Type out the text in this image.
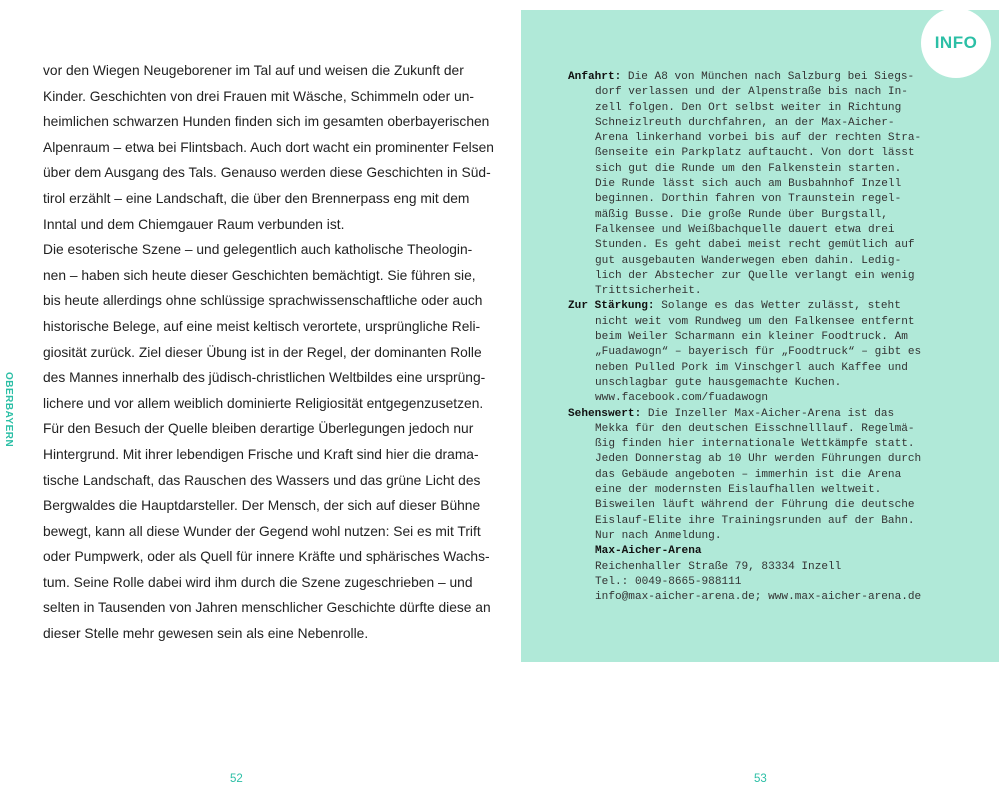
OBERBAYERN

vor den Wiegen Neugeborener im Tal auf und weisen die Zukunft der
Kinder. Geschichten von drei Frauen mit Wäsche, Schimmeln oder un-
heimlichen schwarzen Hunden finden sich im gesamten oberbayerischen
Alpenraum – etwa bei Flintsbach. Auch dort wacht ein prominenter Felsen
über dem Ausgang des Tals. Genauso werden diese Geschichten in Süd-
tirol erzählt – eine Landschaft, die über den Brennerpass eng mit dem
Inntal und dem Chiemgauer Raum verbunden ist.

Die esoterische Szene – und gelegentlich auch katholische Theologin-
nen – haben sich heute dieser Geschichten bemächtigt. Sie führen sie,
bis heute allerdings ohne schlüssige sprachwissenschaftliche oder auch
historische Belege, auf eine meist keltisch verortete, ursprüngliche Reli-
giosität zurück. Ziel dieser Übung ist in der Regel, der dominanten Rolle
des Mannes innerhalb des jüdisch-christlichen Weltbildes eine ursprüng-
lichere und vor allem weiblich dominierte Religiosität entgegenzusetzen.

Für den Besuch der Quelle bleiben derartige Überlegungen jedoch nur
Hintergrund. Mit ihrer lebendigen Frische und Kraft sind hier die drama-
tische Landschaft, das Rauschen des Wassers und das grüne Licht des
Bergwaldes die Hauptdarsteller. Der Mensch, der sich auf dieser Bühne
bewegt, kann all diese Wunder der Gegend wohl nutzen: Sei es mit Trift
oder Pumpwerk, oder als Quell für innere Kräfte und sphärisches Wachs-
tum. Seine Rolle dabei wird ihm durch die Szene zugeschrieben – und
selten in Tausenden von Jahren menschlicher Geschichte dürfte diese an
dieser Stelle mehr gewesen sein als eine Nebenrolle.

52
INFO
Anfahrt: Die A8 von München nach Salzburg bei Siegs-
dorf verlassen und der Alpenstraße bis nach In-
zell folgen. Den Ort selbst weiter in Richtung
Schneizlreuth durchfahren, an der Max-Aicher-
Arena linkerhand vorbei bis auf der rechten Stra-
ßenseite ein Parkplatz auftaucht. Von dort lässt
sich gut die Runde um den Falkenstein starten.
Die Runde lässt sich auch am Busbahnhof Inzell
beginnen. Dorthin fahren von Traunstein regel-
mäßig Busse. Die große Runde über Burgstall,
Falkensee und Weißbachquelle dauert etwa drei
Stunden. Es geht dabei meist recht gemütlich auf
gut ausgebauten Wanderwegen eben dahin. Ledig-
lich der Abstecher zur Quelle verlangt ein wenig
Trittsicherheit.
Zur Stärkung: Solange es das Wetter zulässt, steht
nicht weit vom Rundweg um den Falkensee entfernt
beim Weiler Scharmann ein kleiner Foodtruck. Am
„Fuadawogn“ – bayerisch für „Foodtruck“ – gibt es
neben Pulled Pork im Vinschgerl auch Kaffee und
unschlagbar gute hausgemachte Kuchen.
www.facebook.com/fuadawogn
Sehenswert: Die Inzeller Max-Aicher-Arena ist das
Mekka für den deutschen Eisschnelllauf. Regelmä-
ßig finden hier internationale Wettkämpfe statt.
Jeden Donnerstag ab 10 Uhr werden Führungen durch
das Gebäude angeboten – immerhin ist die Arena
eine der modernsten Eislaufhallen weltweit.
Bisweilen läuft während der Führung die deutsche
Eislauf-Elite ihre Trainingsrunden auf der Bahn.
Nur nach Anmeldung.
Max-Aicher-Arena
Reichenhaller Straße 79, 83334 Inzell
Tel.: 0049-8665-988111
info@max-aicher-arena.de; www.max-aicher-arena.de
53
